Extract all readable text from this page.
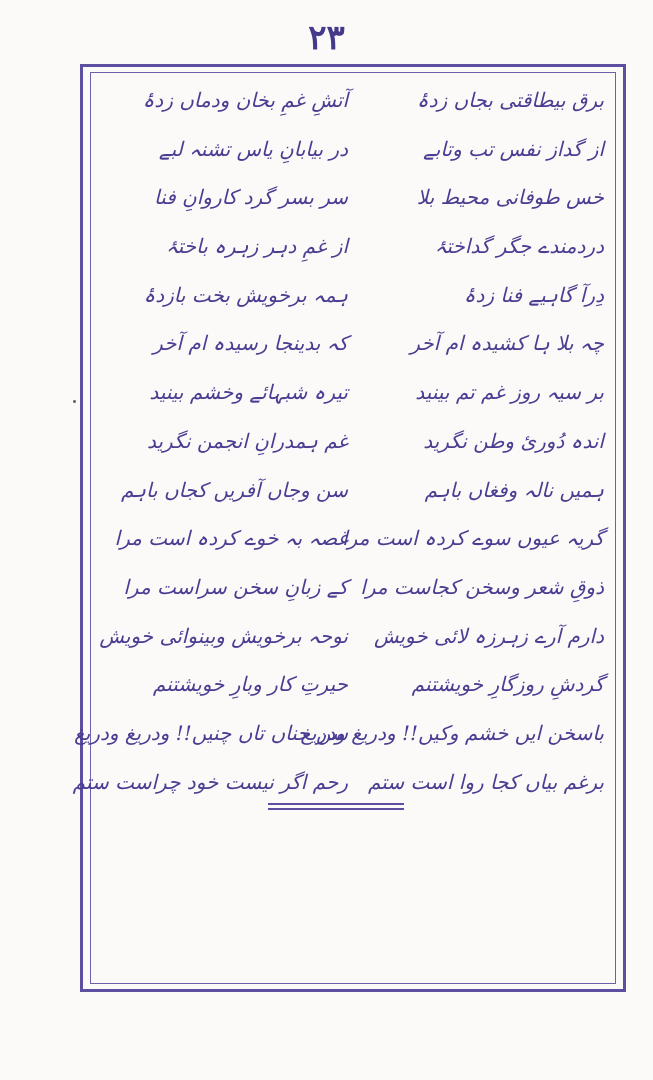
۲۳
برق بیطاقتی بجاں زدۂ
آتشِ غمِ بخان ودماں زدۂ
از گداز نفس تب وتابے
در بیابانِ یاس تشنہ لبے
خس طوفانی محیط بلا
سر بسر گرد کاروانِ فنا
دردمندے جگر گداختۂ
از غمِ دہر زہرہ باختۂ
دِرآ گاہیے فنا زدۂ
ہمہ برخویش بخت بازدۂ
چہ بلا ہا کشیدہ ام آخر
کہ بدینجا رسیدہ ام آخر
بر سیہ روز غم تم بینید
تیرہ شبہائے وخشم بینید
اندہ دُورئ وطن نگرید
غم ہمدرانِ انجمن نگرید
ہمیں نالہ وفغاں باہم
سن وجاں آفریں کجاں باہم
گریہ عیوں سوے کردہ است مرا
غصہ بہ خوے کردہ است مرا
ذوقِ شعر وسخن کجاست مرا
کے زبانِ سخن سراست مرا
دارم آرے زہرزہ لائی خویش
نوحہ برخویش وبینوائی خویش
گردشِ روزگارِ خویشتنم
حیرتِ کار وبارِ خویشتنم
باسخن ایں خشم وکیں!! ودریغ ودریغ
سن جناں تاں چنیں!! ودریغ ودریغ
برغم بیاں کجا روا است ستم
رحم اگر نیست خود چراست ستم
